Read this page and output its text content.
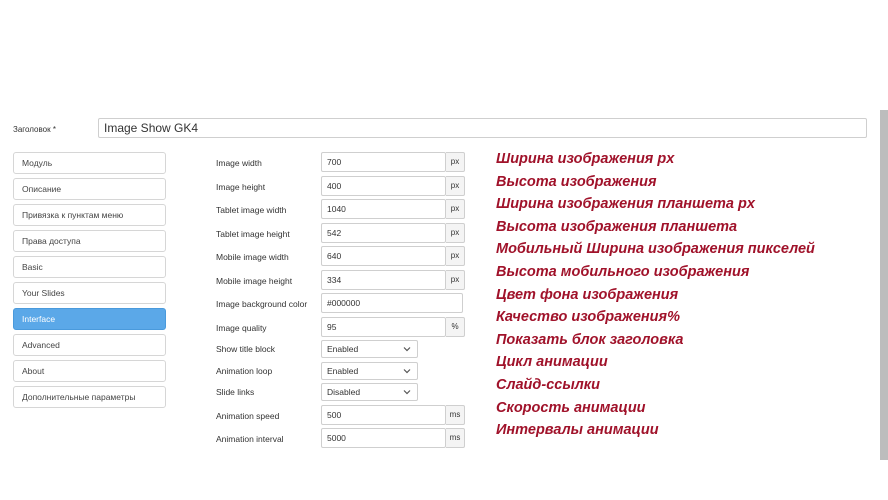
Заголовок *	Image Show GK4
Модуль
Описание
Привязка к пунктам меню
Права доступа
Basic
Your Slides
Interface
Advanced
About
Дополнительные параметры
Image width	700	px
Image height	400	px
Tablet image width	1040	px
Tablet image height	542	px
Mobile image width	640	px
Mobile image height	334	px
Image background color	#000000
Image quality	95	%
Show title block	Enabled
Animation loop	Enabled
Slide links	Disabled
Animation speed	500	ms
Animation interval	5000	ms
Ширина изображения px
Высота изображения
Ширина изображения планшета px
Высота изображения планшета
Мобильный Ширина изображения пикселей
Высота мобильного изображения
Цвет фона изображения
Качество изображения%
Показать блок заголовка
Цикл анимации
Слайд-ссылки
Скорость анимации
Интервалы анимации
